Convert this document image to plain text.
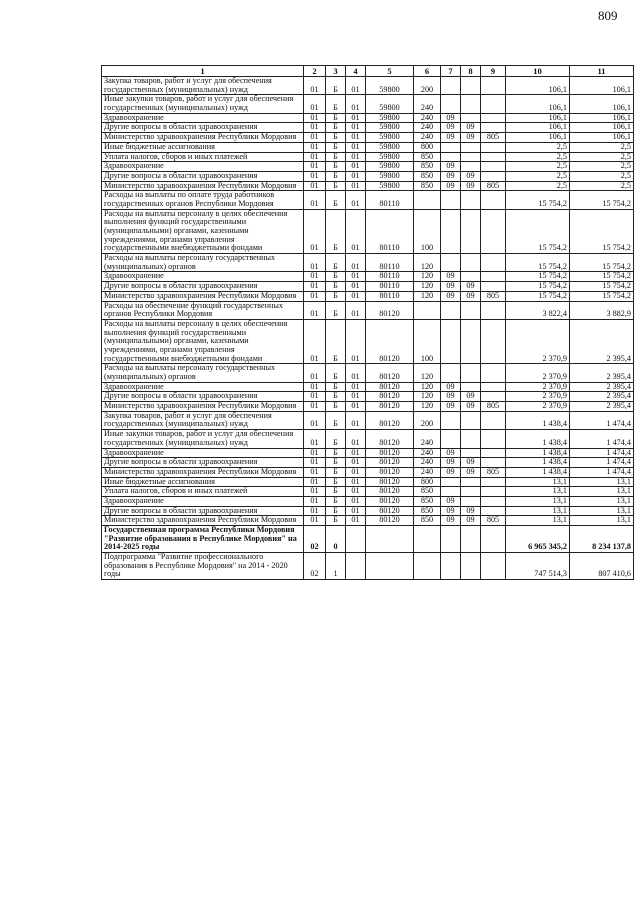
809
1	2	3	4	5	6	7	8	9	10	11
Закупка товаров, работ и услуг для обеспечения государственных (муниципальных) нужд	01	Б	01	59800	200				106,1	106,1
Иные закупки товаров, работ и услуг для обеспечения государственных (муниципальных) нужд	01	Б	01	59800	240				106,1	106,1
Здравоохранение	01	Б	01	59800	240	09			106,1	106,1
Другие вопросы в области здравоохранения	01	Б	01	59800	240	09	09		106,1	106,1
Министерство здравоохранения Республики Мордовия	01	Б	01	59800	240	09	09	805	106,1	106,1
Иные бюджетные ассигнования	01	Б	01	59800	800				2,5	2,5
Уплата налогов, сборов и иных платежей	01	Б	01	59800	850				2,5	2,5
Здравоохранение	01	Б	01	59800	850	09			2,5	2,5
Другие вопросы в области здравоохранения	01	Б	01	59800	850	09	09		2,5	2,5
Министерство здравоохранения Республики Мордовия	01	Б	01	59800	850	09	09	805	2,5	2,5
Расходы на выплаты по оплате труда работников государственных органов Республики Мордовия	01	Б	01	80110					15 754,2	15 754,2
Расходы на выплаты персоналу в целях обеспечения выполнения функций государственными (муниципальными) органами, казенными учреждениями, органами управления государственными внебюджетными фондами	01	Б	01	80110	100				15 754,2	15 754,2
Расходы на выплаты персоналу государственных (муниципальных) органов	01	Б	01	80110	120				15 754,2	15 754,2
Здравоохранение	01	Б	01	80110	120	09			15 754,2	15 754,2
Другие вопросы в области здравоохранения	01	Б	01	80110	120	09	09		15 754,2	15 754,2
Министерство здравоохранения Республики Мордовия	01	Б	01	80110	120	09	09	805	15 754,2	15 754,2
Расходы на обеспечение функций государственных органов Республики Мордовия	01	Б	01	80120					3 822,4	3 882,9
Расходы на выплаты персоналу в целях обеспечения выполнения функций государственными (муниципальными) органами, казенными учреждениями, органами управления государственными внебюджетными фондами	01	Б	01	80120	100				2 370,9	2 395,4
Расходы на выплаты персоналу государственных (муниципальных) органов	01	Б	01	80120	120				2 370,9	2 395,4
Здравоохранение	01	Б	01	80120	120	09			2 370,9	2 395,4
Другие вопросы в области здравоохранения	01	Б	01	80120	120	09	09		2 370,9	2 395,4
Министерство здравоохранения Республики Мордовия	01	Б	01	80120	120	09	09	805	2 370,9	2 395,4
Закупка товаров, работ и услуг для обеспечения государственных (муниципальных) нужд	01	Б	01	80120	200				1 438,4	1 474,4
Иные закупки товаров, работ и услуг для обеспечения государственных (муниципальных) нужд	01	Б	01	80120	240				1 438,4	1 474,4
Здравоохранение	01	Б	01	80120	240	09			1 438,4	1 474,4
Другие вопросы в области здравоохранения	01	Б	01	80120	240	09	09		1 438,4	1 474,4
Министерство здравоохранения Республики Мордовия	01	Б	01	80120	240	09	09	805	1 438,4	1 474,4
Иные бюджетные ассигнования	01	Б	01	80120	800				13,1	13,1
Уплата налогов, сборов и иных платежей	01	Б	01	80120	850				13,1	13,1
Здравоохранение	01	Б	01	80120	850	09			13,1	13,1
Другие вопросы в области здравоохранения	01	Б	01	80120	850	09	09		13,1	13,1
Министерство здравоохранения Республики Мордовия	01	Б	01	80120	850	09	09	805	13,1	13,1
Государственная программа Республики Мордовия "Развитие образования в Республике Мордовия" на 2014-2025 годы	02	0							6 965 345,2	8 234 137,8
Подпрограмма "Развитие профессионального образования в Республике Мордовия" на 2014 - 2020 годы	02	1							747 514,3	807 410,6
